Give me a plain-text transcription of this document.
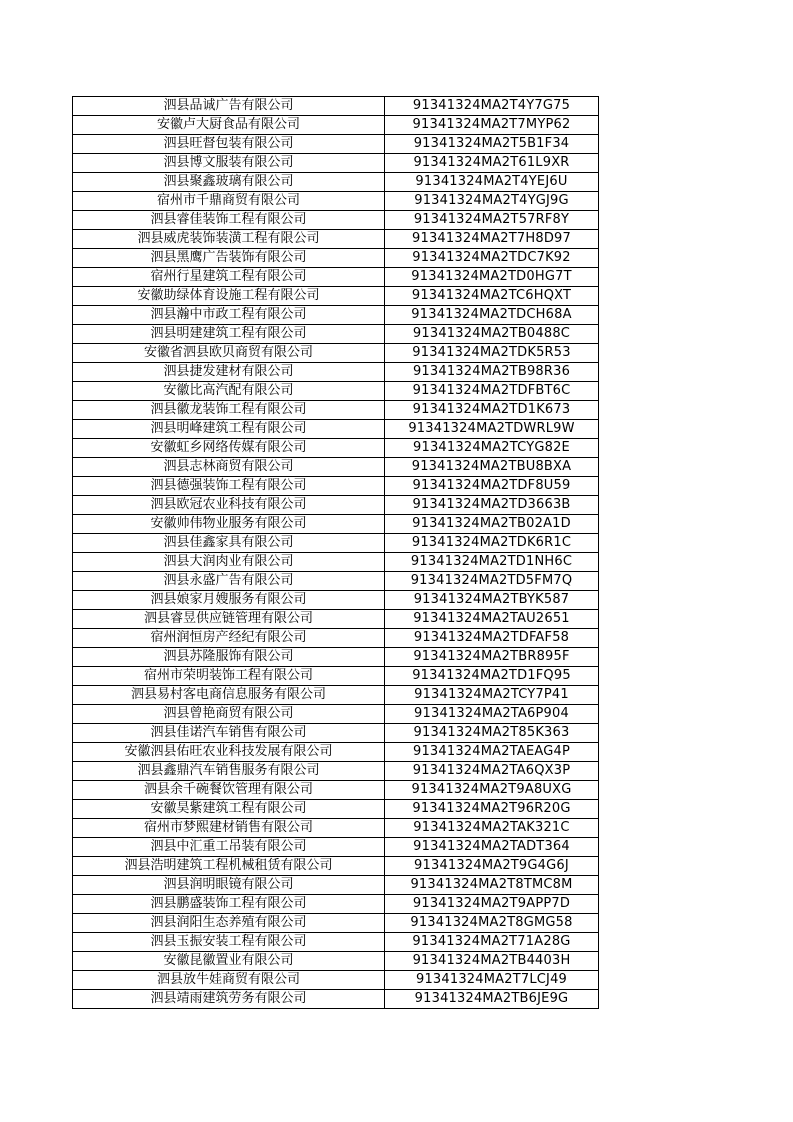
泗县品诚广告有限公司	91341324MA2T4Y7G75
安徽卢大厨食品有限公司	91341324MA2T7MYP62
泗县旺督包装有限公司	91341324MA2T5B1F34
泗县博文服装有限公司	91341324MA2T61L9XR
泗县聚鑫玻璃有限公司	91341324MA2T4YEJ6U
宿州市千鼎商贸有限公司	91341324MA2T4YGJ9G
泗县睿佳装饰工程有限公司	91341324MA2T57RF8Y
泗县威虎装饰装潢工程有限公司	91341324MA2T7H8D97
泗县黑鹰广告装饰有限公司	91341324MA2TDC7K92
宿州行星建筑工程有限公司	91341324MA2TD0HG7T
安徽助绿体育设施工程有限公司	91341324MA2TC6HQXT
泗县瀚中市政工程有限公司	91341324MA2TDCH68A
泗县明建建筑工程有限公司	91341324MA2TB0488C
安徽省泗县欧贝商贸有限公司	91341324MA2TDK5R53
泗县捷发建材有限公司	91341324MA2TB98R36
安徽比高汽配有限公司	91341324MA2TDFBT6C
泗县徽龙装饰工程有限公司	91341324MA2TD1K673
泗县明峰建筑工程有限公司	91341324MA2TDWRL9W
安徽虹乡网络传媒有限公司	91341324MA2TCYG82E
泗县志林商贸有限公司	91341324MA2TBU8BXA
泗县德强装饰工程有限公司	91341324MA2TDF8U59
泗县欧冠农业科技有限公司	91341324MA2TD3663B
安徽帅伟物业服务有限公司	91341324MA2TB02A1D
泗县佳鑫家具有限公司	91341324MA2TDK6R1C
泗县大润肉业有限公司	91341324MA2TD1NH6C
泗县永盛广告有限公司	91341324MA2TD5FM7Q
泗县娘家月嫂服务有限公司	91341324MA2TBYK587
泗县睿昱供应链管理有限公司	91341324MA2TAU2651
宿州润恒房产经纪有限公司	91341324MA2TDFAF58
泗县苏隆服饰有限公司	91341324MA2TBR895F
宿州市荣明装饰工程有限公司	91341324MA2TD1FQ95
泗县易村客电商信息服务有限公司	91341324MA2TCY7P41
泗县曾艳商贸有限公司	91341324MA2TA6P904
泗县佳诺汽车销售有限公司	91341324MA2T85K363
安徽泗县佑旺农业科技发展有限公司	91341324MA2TAEAG4P
泗县鑫鼎汽车销售服务有限公司	91341324MA2TA6QX3P
泗县余千碗餐饮管理有限公司	91341324MA2T9A8UXG
安徽昊紫建筑工程有限公司	91341324MA2T96R20G
宿州市梦熙建材销售有限公司	91341324MA2TAK321C
泗县中汇重工吊装有限公司	91341324MA2TADT364
泗县浩明建筑工程机械租赁有限公司	91341324MA2T9G4G6J
泗县润明眼镜有限公司	91341324MA2T8TMC8M
泗县鹏盛装饰工程有限公司	91341324MA2T9APP7D
泗县润阳生态养殖有限公司	91341324MA2T8GMG58
泗县玉振安装工程有限公司	91341324MA2T71A28G
安徽昆徽置业有限公司	91341324MA2TB4403H
泗县放牛娃商贸有限公司	91341324MA2T7LCJ49
泗县靖雨建筑劳务有限公司	91341324MA2TB6JE9G
